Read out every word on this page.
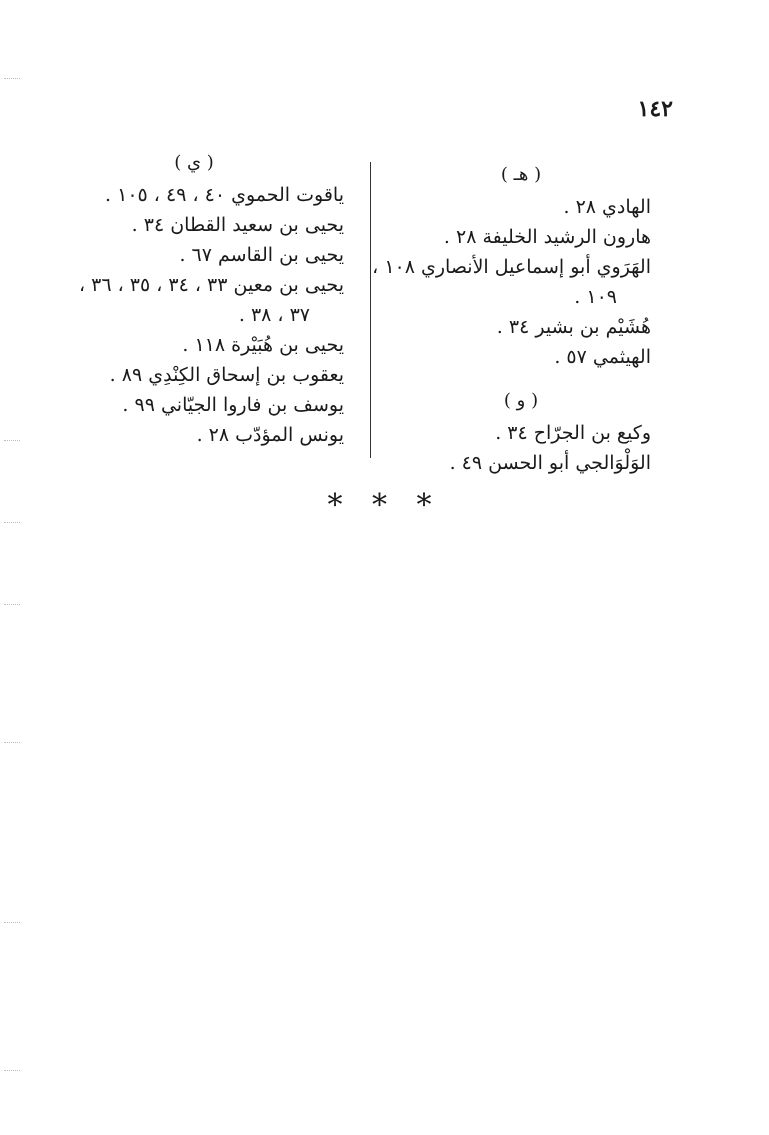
١٤٢
( هـ )
الهادي ٢٨ .
هارون الرشيد الخليفة ٢٨ .
الهَرَوي أبو إسماعيل الأنصاري ١٠٨ ،
١٠٩ .
هُشَيْم بن بشير ٣٤ .
الهيثمي ٥٧ .
( و )
وكيع بن الجرّاح ٣٤ .
الوَلْوَالجي أبو الحسن ٤٩ .
( ي )
ياقوت الحموي ٤٠ ، ٤٩ ، ١٠٥ .
يحيى بن سعيد القطان ٣٤ .
يحيى بن القاسم ٦٧ .
يحيى بن معين ٣٣ ، ٣٤ ، ٣٥ ، ٣٦ ،
٣٧ ، ٣٨ .
يحيى بن هُبَيْرة ١١٨ .
يعقوب بن إسحاق الكِنْدِي ٨٩ .
يوسف بن فاروا الجيّاني ٩٩ .
يونس المؤدّب ٢٨ .
* * *
